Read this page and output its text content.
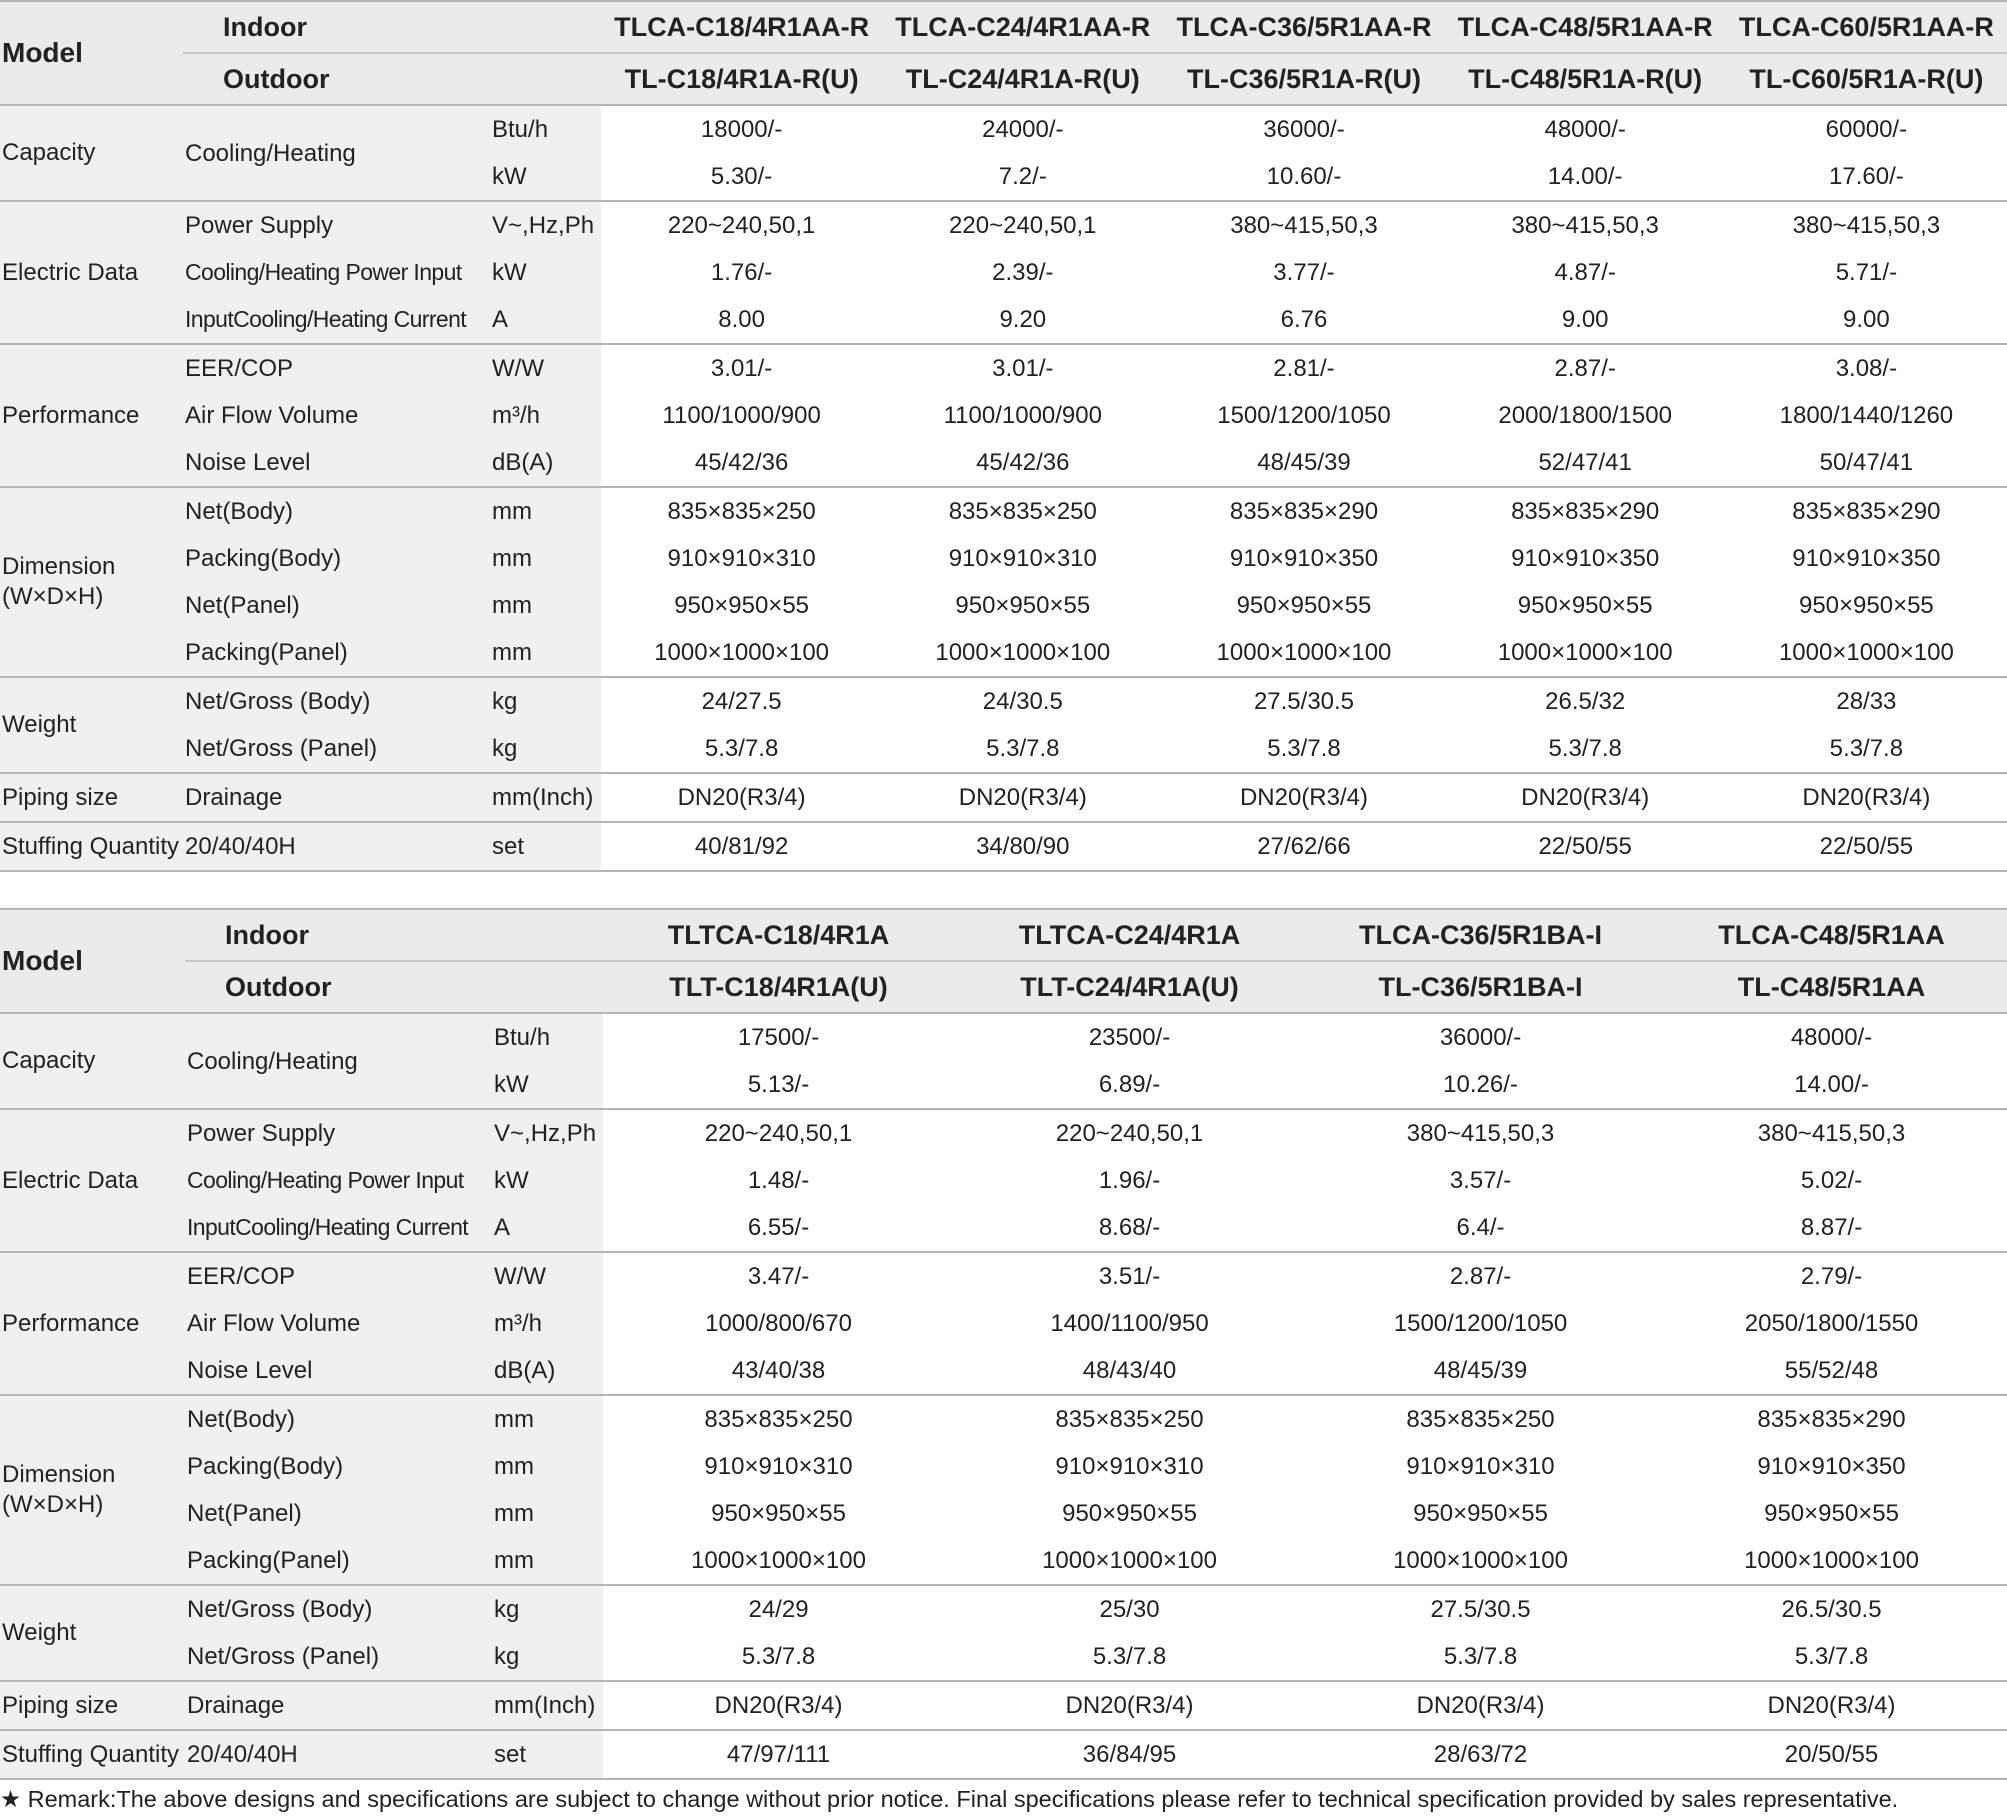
Model	Indoor		TLCA-C18/4R1AA-R	TLCA-C24/4R1AA-R	TLCA-C36/5R1AA-R	TLCA-C48/5R1AA-R	TLCA-C60/5R1AA-R
	Outdoor		TL-C18/4R1A-R(U)	TL-C24/4R1A-R(U)	TL-C36/5R1A-R(U)	TL-C48/5R1A-R(U)	TL-C60/5R1A-R(U)
Capacity	Cooling/Heating	Btu/h	18000/-	24000/-	36000/-	48000/-	60000/-
		kW	5.30/-	7.2/-	10.60/-	14.00/-	17.60/-
Electric Data	Power Supply	V~,Hz,Ph	220~240,50,1	220~240,50,1	380~415,50,3	380~415,50,3	380~415,50,3
	Cooling/Heating Power Input	kW	1.76/-	2.39/-	3.77/-	4.87/-	5.71/-
	InputCooling/Heating Current	A	8.00	9.20	6.76	9.00	9.00
Performance	EER/COP	W/W	3.01/-	3.01/-	2.81/-	2.87/-	3.08/-
	Air Flow Volume	m³/h	1100/1000/900	1100/1000/900	1500/1200/1050	2000/1800/1500	1800/1440/1260
	Noise Level	dB(A)	45/42/36	45/42/36	48/45/39	52/47/41	50/47/41
Dimension
(W×D×H)	Net(Body)	mm	835×835×250	835×835×250	835×835×290	835×835×290	835×835×290
	Packing(Body)	mm	910×910×310	910×910×310	910×910×350	910×910×350	910×910×350
	Net(Panel)	mm	950×950×55	950×950×55	950×950×55	950×950×55	950×950×55
	Packing(Panel)	mm	1000×1000×100	1000×1000×100	1000×1000×100	1000×1000×100	1000×1000×100
Weight	Net/Gross (Body)	kg	24/27.5	24/30.5	27.5/30.5	26.5/32	28/33
	Net/Gross (Panel)	kg	5.3/7.8	5.3/7.8	5.3/7.8	5.3/7.8	5.3/7.8
Piping size	Drainage	mm(Inch)	DN20(R3/4)	DN20(R3/4)	DN20(R3/4)	DN20(R3/4)	DN20(R3/4)
Stuffing Quantity	20/40/40H	set	40/81/92	34/80/90	27/62/66	22/50/55	22/50/55
Model	Indoor		TLTCA-C18/4R1A	TLTCA-C24/4R1A	TLCA-C36/5R1BA-I	TLCA-C48/5R1AA
	Outdoor		TLT-C18/4R1A(U)	TLT-C24/4R1A(U)	TL-C36/5R1BA-I	TL-C48/5R1AA
Capacity	Cooling/Heating	Btu/h	17500/-	23500/-	36000/-	48000/-
		kW	5.13/-	6.89/-	10.26/-	14.00/-
Electric Data	Power Supply	V~,Hz,Ph	220~240,50,1	220~240,50,1	380~415,50,3	380~415,50,3
	Cooling/Heating Power Input	kW	1.48/-	1.96/-	3.57/-	5.02/-
	InputCooling/Heating Current	A	6.55/-	8.68/-	6.4/-	8.87/-
Performance	EER/COP	W/W	3.47/-	3.51/-	2.87/-	2.79/-
	Air Flow Volume	m³/h	1000/800/670	1400/1100/950	1500/1200/1050	2050/1800/1550
	Noise Level	dB(A)	43/40/38	48/43/40	48/45/39	55/52/48
Dimension
(W×D×H)	Net(Body)	mm	835×835×250	835×835×250	835×835×250	835×835×290
	Packing(Body)	mm	910×910×310	910×910×310	910×910×310	910×910×350
	Net(Panel)	mm	950×950×55	950×950×55	950×950×55	950×950×55
	Packing(Panel)	mm	1000×1000×100	1000×1000×100	1000×1000×100	1000×1000×100
Weight	Net/Gross (Body)	kg	24/29	25/30	27.5/30.5	26.5/30.5
	Net/Gross (Panel)	kg	5.3/7.8	5.3/7.8	5.3/7.8	5.3/7.8
Piping size	Drainage	mm(Inch)	DN20(R3/4)	DN20(R3/4)	DN20(R3/4)	DN20(R3/4)
Stuffing Quantity	20/40/40H	set	47/97/111	36/84/95	28/63/72	20/50/55
★ Remark:The above designs and specifications are subject to change without prior notice. Final specifications please refer to technical specification provided by sales representative.
